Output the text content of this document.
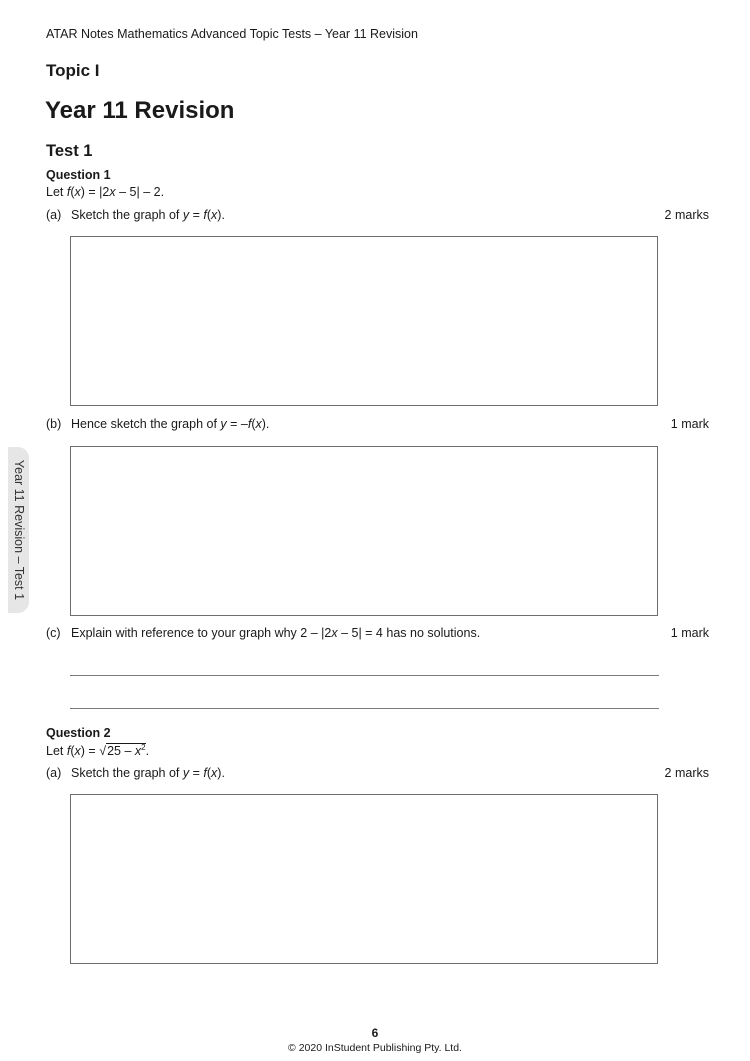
ATAR Notes Mathematics Advanced Topic Tests – Year 11 Revision
Topic I
Year 11 Revision
Test 1
Question 1
Let f(x) = |2x – 5| – 2.
(a) Sketch the graph of y = f(x).	2 marks
(b) Hence sketch the graph of y = –f(x).	1 mark
(c) Explain with reference to your graph why 2 – |2x – 5| = 4 has no solutions.	1 mark
Question 2
Let $f(x) = √25 - x^2$.
(a) Sketch the graph of y = f(x).	2 marks
Year 11 Revision – Test 1
6
© 2020 InStudent Publishing Pty. Ltd.
